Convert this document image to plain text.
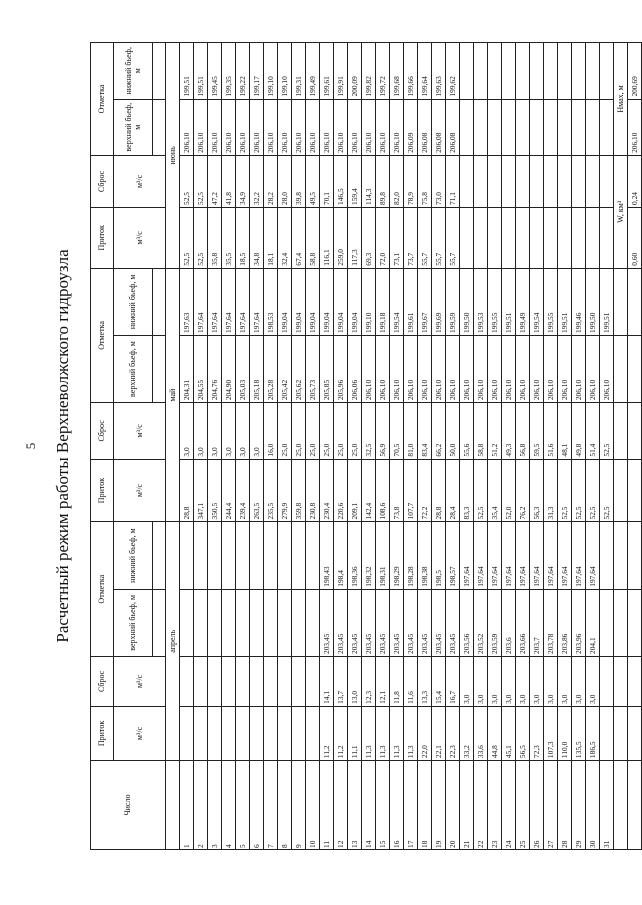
5 Расчетный режим работы Верхневолжского гидроузла
Число	Приток	Сброс	Отметка		Приток	Сброс	Отметка		Приток	Сброс	Отметка	
	м³/с	м³/с	верхний бьеф, м	нижний бьеф, м	м³/с	м³/с	верхний бьеф, м	нижний бьеф, м	м³/с	м³/с	верхний бьеф, м	нижний бьеф, м

	апрель				май				июнь			
1					28,8	3,0	204,31	197,63	52,5	52,5	206,10	199,51
2					347,1	3,0	204,55	197,64	52,5	52,5	206,10	199,51
3					350,5	3,0	204,76	197,64	35,8	47,2	206,10	199,45
4					244,4	3,0	204,90	197,64	35,5	41,8	206,10	199,35
5					239,4	3,0	205,03	197,64	18,5	34,9	206,10	199,22
6					263,5	3,0	205,18	197,64	34,8	32,2	206,10	199,17
7					235,5	16,0	205,28	198,53	18,1	28,2	206,10	199,10
8					279,9	25,0	205,42	199,04	32,4	28,0	206,10	199,10
9					359,8	25,0	205,62	199,04	67,4	39,8	206,10	199,31
10					230,8	25,0	205,73	199,04	58,8	49,5	206,10	199,49
11	11,2	14,1	203,45	198,43	230,4	25,0	205,85	199,04	116,1	70,1	206,10	199,61
12	11,2	13,7	203,45	198,4	220,6	25,0	205,96	199,04	259,0	146,5	206,10	199,91
13	11,1	13,0	203,45	198,36	209,1	25,0	206,06	199,04	117,3	159,4	206,10	200,09
14	11,3	12,3	203,45	198,32	142,4	32,5	206,10	199,10	69,3	114,3	206,10	199,82
15	11,3	12,1	203,45	198,31	108,6	56,9	206,10	199,18	72,0	89,8	206,10	199,72
16	11,3	11,8	203,45	198,29	73,8	70,5	206,10	199,54	73,1	82,0	206,10	199,68
17	11,3	11,6	203,45	198,28	107,7	81,0	206,10	199,61	73,7	78,9	206,09	199,66
18	22,0	13,3	203,45	198,38	72,2	83,4	206,10	199,67	55,7	75,8	206,08	199,64
19	22,1	15,4	203,45	198,5	28,8	66,2	206,10	199,69	55,7	73,0	206,08	199,63
20	22,3	16,7	203,45	198,57	28,4	50,0	206,10	199,59	55,7	71,1	206,08	199,62
21	33,2	3,0	203,56	197,64	83,3	55,6	206,10	199,50				
22	33,6	3,0	203,52	197,64	52,5	58,8	206,10	199,53				
23	44,8	3,0	203,59	197,64	35,4	51,2	206,10	199,55				
24	45,1	3,0	203,6	197,64	52,0	49,3	206,10	199,51				
25	56,5	3,0	203,66	197,64	76,2	56,8	206,10	199,49				
26	72,3	3,0	203,7	197,64	56,3	59,5	206,10	199,54				
27	107,3	3,0	203,78	197,64	31,3	51,6	206,10	199,55				
28	110,0	3,0	203,86	197,64	52,5	48,1	206,10	199,51				
29	135,5	3,0	203,96	197,64	52,5	49,8	206,10	199,46				
30	186,5	3,0	204,1	197,64	52,5	51,4	206,10	199,50				
31					52,5	52,5	206,10	199,51				
									W, км³		Hмах, м	
									0,60	0,24	206,10	200,69
